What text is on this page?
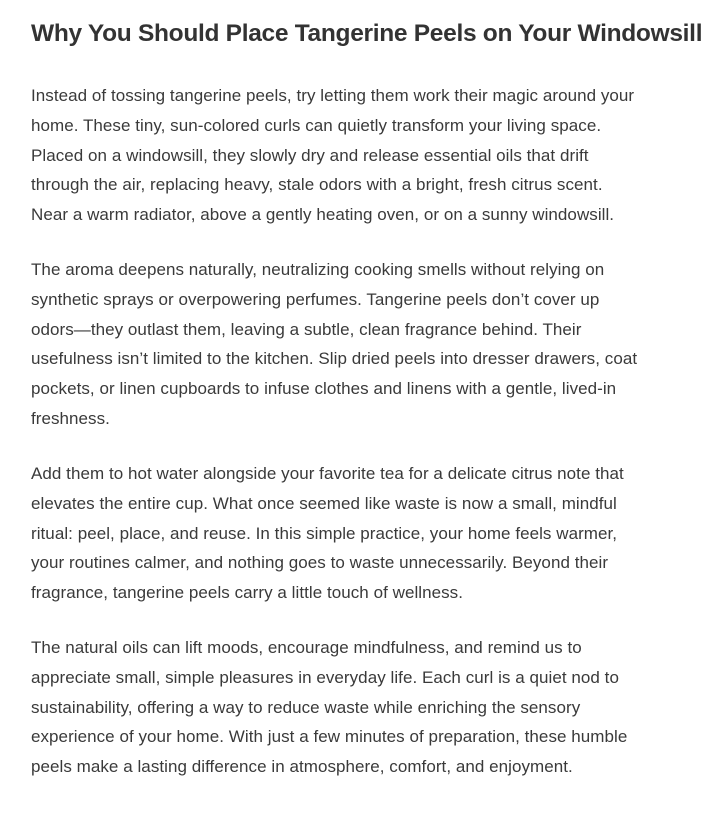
Why You Should Place Tangerine Peels on Your Windowsill

Instead of tossing tangerine peels, try letting them work their magic around your
home. These tiny, sun-colored curls can quietly transform your living space.
Placed on a windowsill, they slowly dry and release essential oils that drift
through the air, replacing heavy, stale odors with a bright, fresh citrus scent.
Near a warm radiator, above a gently heating oven, or on a sunny windowsill.

The aroma deepens naturally, neutralizing cooking smells without relying on
synthetic sprays or overpowering perfumes. Tangerine peels don’t cover up
odors—they outlast them, leaving a subtle, clean fragrance behind. Their
usefulness isn’t limited to the kitchen. Slip dried peels into dresser drawers, coat
pockets, or linen cupboards to infuse clothes and linens with a gentle, lived-in
freshness.

Add them to hot water alongside your favorite tea for a delicate citrus note that
elevates the entire cup. What once seemed like waste is now a small, mindful
ritual: peel, place, and reuse. In this simple practice, your home feels warmer,
your routines calmer, and nothing goes to waste unnecessarily. Beyond their
fragrance, tangerine peels carry a little touch of wellness.

The natural oils can lift moods, encourage mindfulness, and remind us to
appreciate small, simple pleasures in everyday life. Each curl is a quiet nod to
sustainability, offering a way to reduce waste while enriching the sensory
experience of your home. With just a few minutes of preparation, these humble
peels make a lasting difference in atmosphere, comfort, and enjoyment.
